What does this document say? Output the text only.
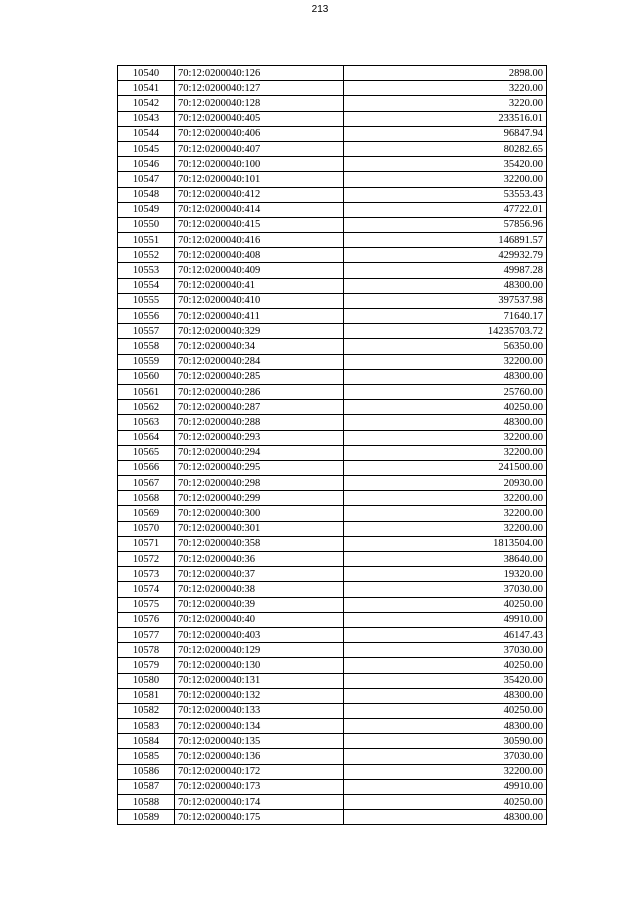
213
10540	70:12:0200040:126	2898.00
10541	70:12:0200040:127	3220.00
10542	70:12:0200040:128	3220.00
10543	70:12:0200040:405	233516.01
10544	70:12:0200040:406	96847.94
10545	70:12:0200040:407	80282.65
10546	70:12:0200040:100	35420.00
10547	70:12:0200040:101	32200.00
10548	70:12:0200040:412	53553.43
10549	70:12:0200040:414	47722.01
10550	70:12:0200040:415	57856.96
10551	70:12:0200040:416	146891.57
10552	70:12:0200040:408	429932.79
10553	70:12:0200040:409	49987.28
10554	70:12:0200040:41	48300.00
10555	70:12:0200040:410	397537.98
10556	70:12:0200040:411	71640.17
10557	70:12:0200040:329	14235703.72
10558	70:12:0200040:34	56350.00
10559	70:12:0200040:284	32200.00
10560	70:12:0200040:285	48300.00
10561	70:12:0200040:286	25760.00
10562	70:12:0200040:287	40250.00
10563	70:12:0200040:288	48300.00
10564	70:12:0200040:293	32200.00
10565	70:12:0200040:294	32200.00
10566	70:12:0200040:295	241500.00
10567	70:12:0200040:298	20930.00
10568	70:12:0200040:299	32200.00
10569	70:12:0200040:300	32200.00
10570	70:12:0200040:301	32200.00
10571	70:12:0200040:358	1813504.00
10572	70:12:0200040:36	38640.00
10573	70:12:0200040:37	19320.00
10574	70:12:0200040:38	37030.00
10575	70:12:0200040:39	40250.00
10576	70:12:0200040:40	49910.00
10577	70:12:0200040:403	46147.43
10578	70:12:0200040:129	37030.00
10579	70:12:0200040:130	40250.00
10580	70:12:0200040:131	35420.00
10581	70:12:0200040:132	48300.00
10582	70:12:0200040:133	40250.00
10583	70:12:0200040:134	48300.00
10584	70:12:0200040:135	30590.00
10585	70:12:0200040:136	37030.00
10586	70:12:0200040:172	32200.00
10587	70:12:0200040:173	49910.00
10588	70:12:0200040:174	40250.00
10589	70:12:0200040:175	48300.00
